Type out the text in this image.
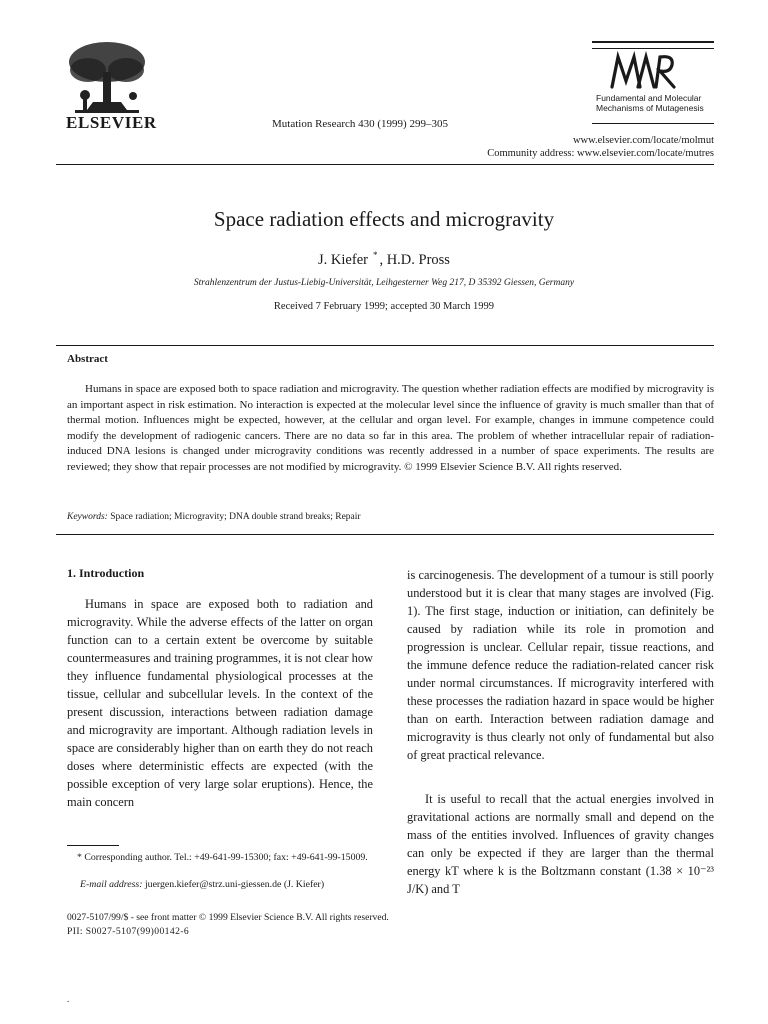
ELSEVIER	Mutation Research 430 (1999) 299–305
Fundamental and Molecular Mechanisms of Mutagenesis
www.elsevier.com/locate/molmut
Community address: www.elsevier.com/locate/mutres
Space radiation effects and microgravity
J. Kiefer * , H.D. Pross
Strahlenzentrum der Justus-Liebig-Universität, Leihgesterner Weg 217, D 35392 Giessen, Germany
Received 7 February 1999; accepted 30 March 1999
Abstract

Humans in space are exposed both to space radiation and microgravity. The question whether radiation effects are modified by microgravity is an important aspect in risk estimation. No interaction is expected at the molecular level since the influence of gravity is much smaller than that of thermal motion. Influences might be expected, however, at the cellular and organ level. For example, changes in immune competence could modify the development of radiogenic cancers. There are no data so far in this area. The problem of whether intracellular repair of radiation-induced DNA lesions is changed under microgravity conditions was recently addressed in a number of space experiments. The results are reviewed; they show that repair processes are not modified by microgravity. © 1999 Elsevier Science B.V. All rights reserved.

Keywords: Space radiation; Microgravity; DNA double strand breaks; Repair
1. Introduction

Humans in space are exposed both to radiation and microgravity. While the adverse effects of the latter on organ function can to a certain extent be overcome by suitable countermeasures and training programmes, it is not clear how they influence fundamental physiological processes at the tissue, cellular and subcellular levels. In the context of the present discussion, interactions between radiation damage and microgravity are important. Although radiation levels in space are considerably higher than on earth they do not reach doses where deterministic effects are expected (with the possible exception of very large solar eruptions). Hence, the main concern

is carcinogenesis. The development of a tumour is still poorly understood but it is clear that many stages are involved (Fig. 1). The first stage, induction or initiation, can definitely be caused by radiation while its role in promotion and progression is unclear. Cellular repair, tissue reactions, and the immune defence reduce the radiation-related cancer risk under normal circumstances. If microgravity interfered with these processes the radiation hazard in space would be higher than on earth. Interaction between radiation damage and microgravity is thus clearly not only of fundamental but also of great practical relevance.

It is useful to recall that the actual energies involved in gravitational actions are normally small and depend on the mass of the entities involved. Influences of gravity changes can only be expected if they are larger than the thermal energy kT where k is the Boltzmann constant (1.38 × 10⁻²³ J/K) and T

* Corresponding author. Tel.: +49-641-99-15300; fax: +49-641-99-15009.

E-mail address: juergen.kiefer@strz.uni-giessen.de (J. Kiefer)
0027-5107/99/$ - see front matter © 1999 Elsevier Science B.V. All rights reserved.
PII: S0027-5107(99)00142-6
.
